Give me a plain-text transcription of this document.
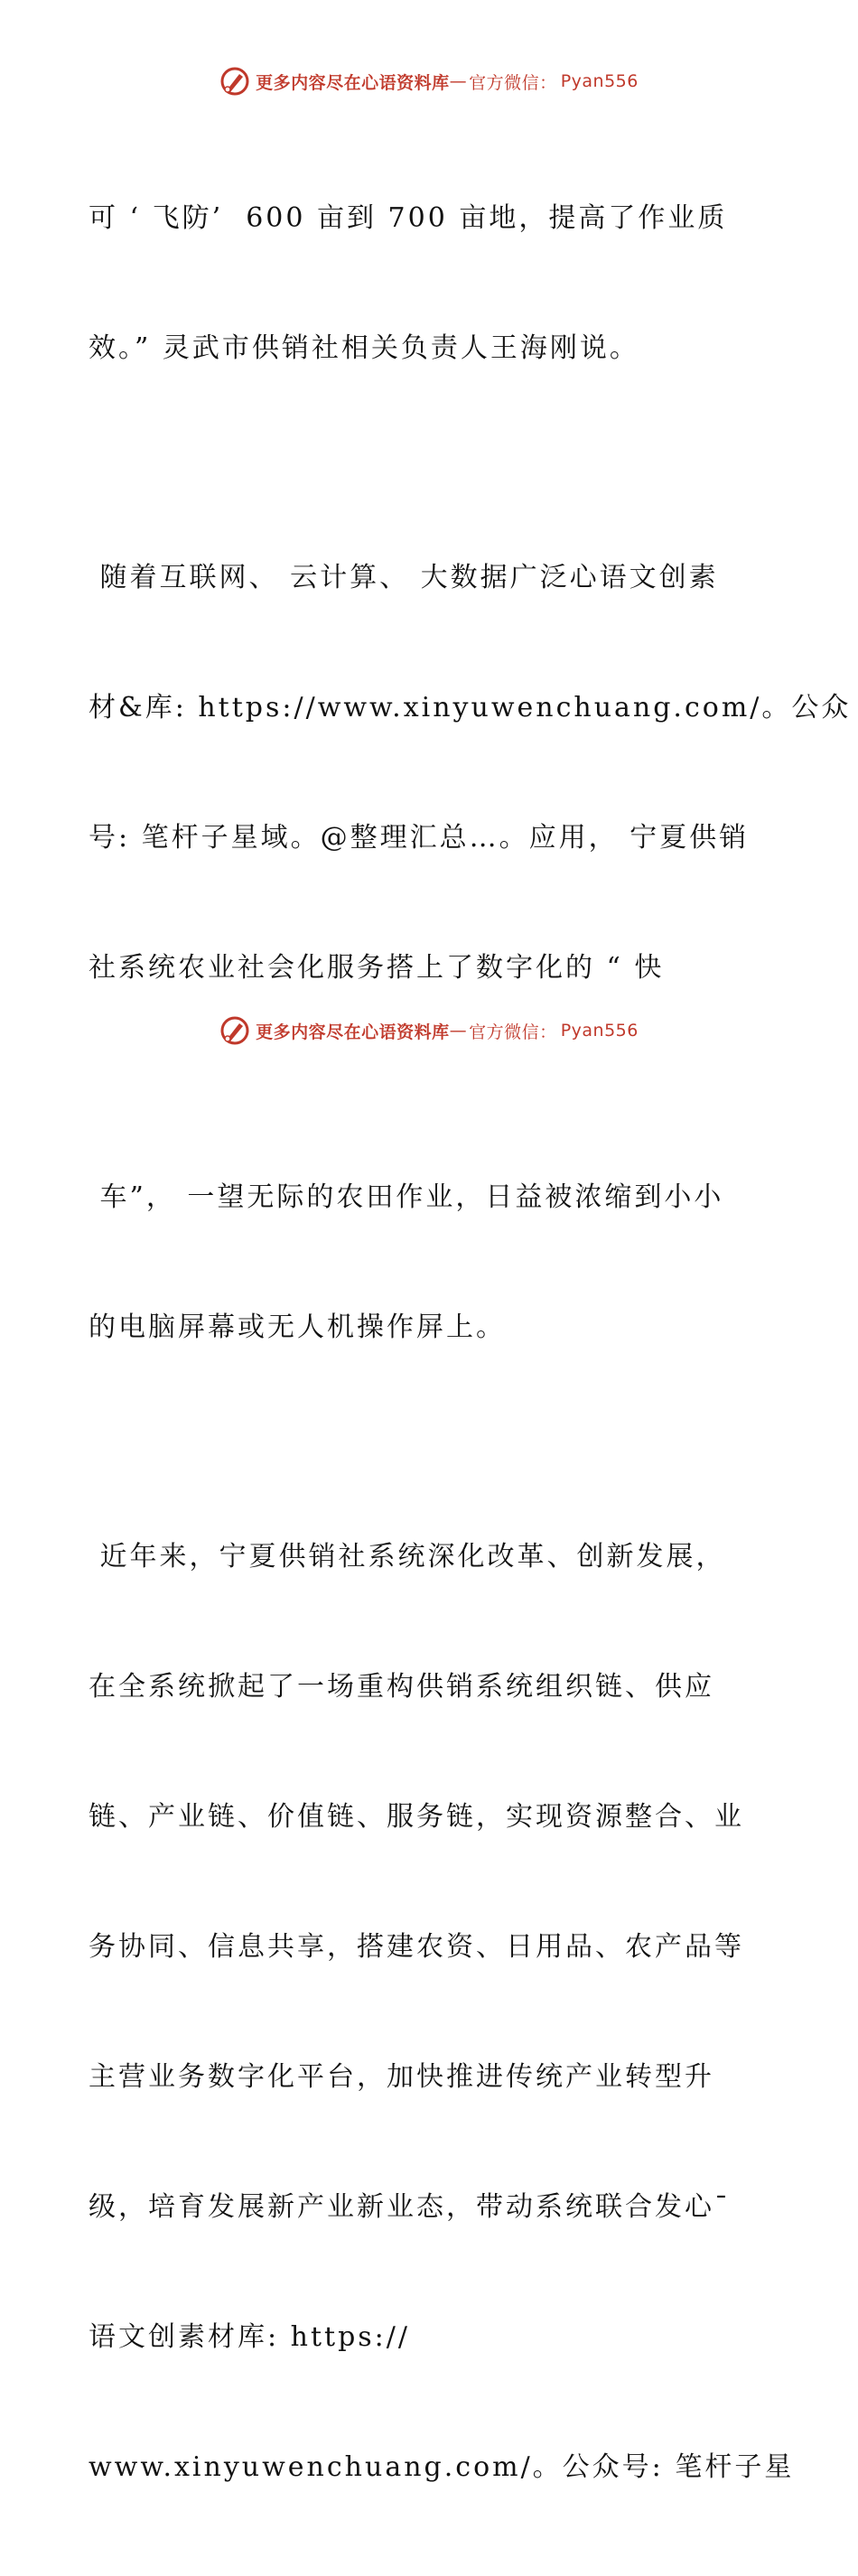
更多内容尽在心语资料库 — 官方微信： Pyan556

可 ‘ 飞防’  600 亩到 700 亩地，提高了作业质

效。” 灵武市供销社相关负责人王海刚说。

随着互联网、 云计算、 大数据广泛心语文创素

材&库: https://www.xinyuwenchuang.com/。公众

号: 笔杆子星域。@整理汇总…。应用， 宁夏供销

社系统农业社会化服务搭上了数字化的 “ 快

车”， 一望无际的农田作业，日益被浓缩到小小

的电脑屏幕或无人机操作屏上。

近年来，宁夏供销社系统深化改革、创新发展，

在全系统掀起了一场重构供销系统组织链、供应

链、产业链、价值链、服务链，实现资源整合、业

务协同、信息共享，搭建农资、日用品、农产品等

主营业务数字化平台，加快推进传统产业转型升

级，培育发展新产业新业态，带动系统联合发心¯

语文创素材库: https://

www.xinyuwenchuang.com/。公众号: 笔杆子星

更多内容尽在心语资料库 — 官方微信： Pyan556
